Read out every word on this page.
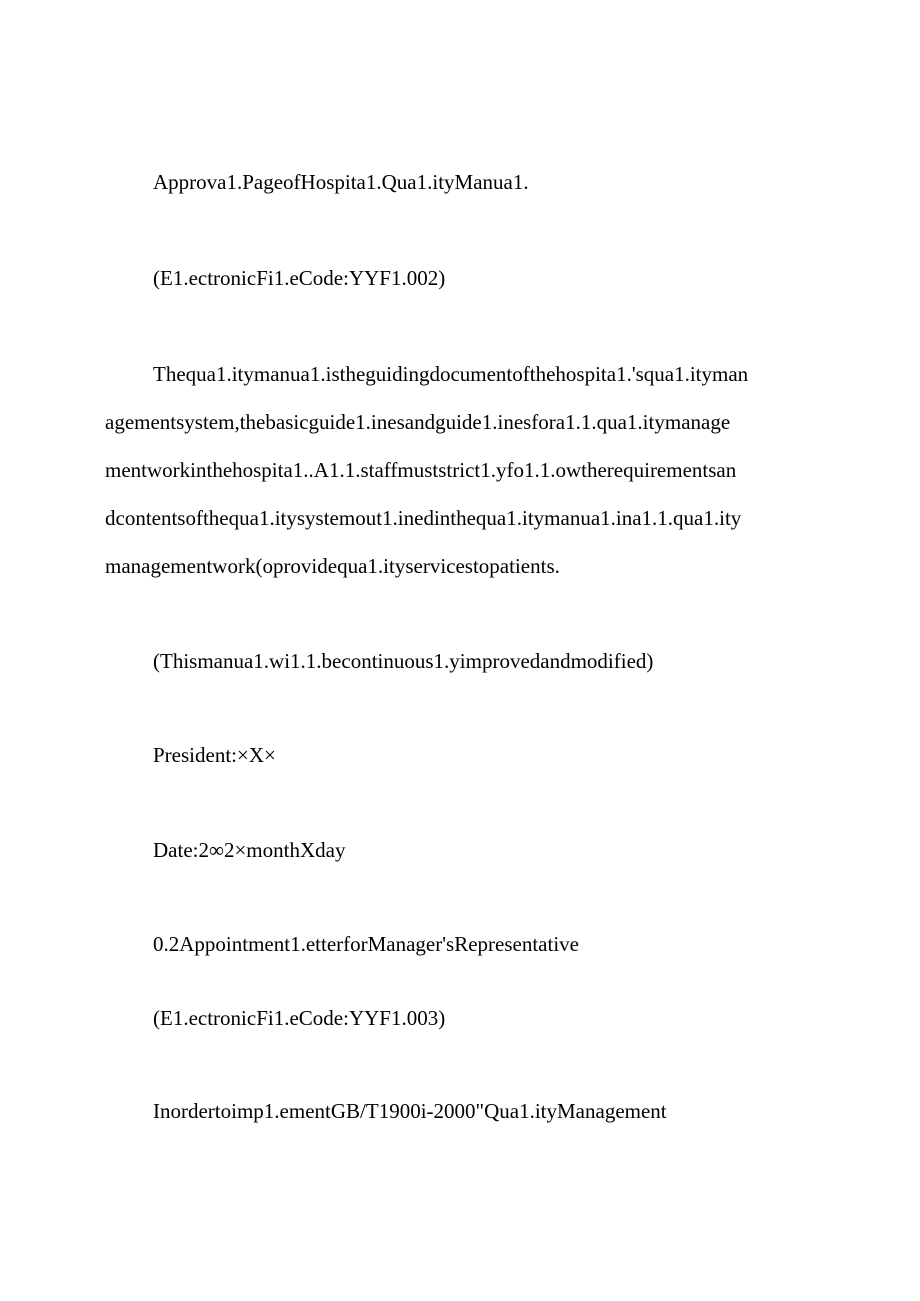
Approva1.PageofHospita1.Qua1.ityManua1.
(E1.ectronicFi1.eCode:YYF1.002)
Thequa1.itymanua1.istheguidingdocumentofthehospita1.'squa1.ityman
agementsystem,thebasicguide1.inesandguide1.inesfora1.1.qua1.itymanage
mentworkinthehospita1..A1.1.staffmuststrict1.yfo1.1.owtherequirementsan
dcontentsofthequa1.itysystemout1.inedinthequa1.itymanua1.ina1.1.qua1.ity
managementwork(oprovidequa1.ityservicestopatients.
(Thismanua1.wi1.1.becontinuous1.yimprovedandmodified)
President:×X×
Date:2∞2×monthXday
0.2Appointment1.etterforManager'sRepresentative
(E1.ectronicFi1.eCode:YYF1.003)
Inordertoimp1.ementGB/T1900i-2000"Qua1.ityManagement
